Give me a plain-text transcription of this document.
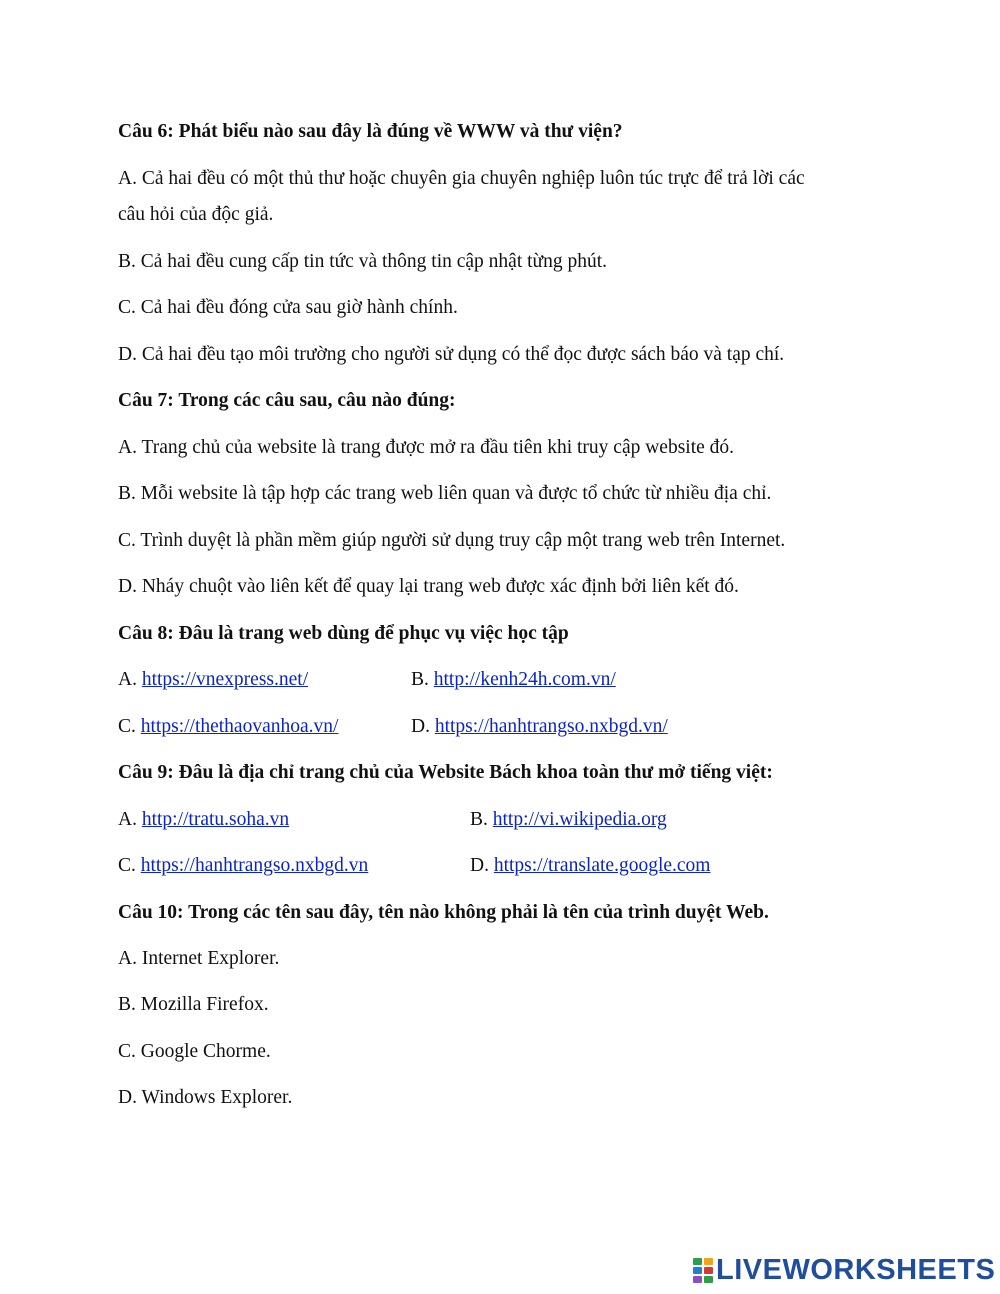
Câu 6: Phát biểu nào sau đây là đúng về WWW và thư viện?
A. Cả hai đều có một thủ thư hoặc chuyên gia chuyên nghiệp luôn túc trực để trả lời các
câu hỏi của độc giả.
B. Cả hai đều cung cấp tin tức và thông tin cập nhật từng phút.
C. Cả hai đều đóng cửa sau giờ hành chính.
D. Cả hai đều tạo môi trường cho người sử dụng có thể đọc được sách báo và tạp chí.
Câu 7: Trong các câu sau, câu nào đúng:
A. Trang chủ của website là trang được mở ra đầu tiên khi truy cập website đó.
B. Mỗi website là tập hợp các trang web liên quan và được tổ chức từ nhiều địa chỉ.
C. Trình duyệt là phần mềm giúp người sử dụng truy cập một trang web trên Internet.
D. Nháy chuột vào liên kết để quay lại trang web được xác định bởi liên kết đó.
Câu 8: Đâu là trang web dùng để phục vụ việc học tập
A. https://vnexpress.net/	B. http://kenh24h.com.vn/
C. https://thethaovanhoa.vn/	D. https://hanhtrangso.nxbgd.vn/
Câu 9: Đâu là địa chỉ trang chủ của Website Bách khoa toàn thư mở tiếng việt:
A. http://tratu.soha.vn	B. http://vi.wikipedia.org
C. https://hanhtrangso.nxbgd.vn	D. https://translate.google.com
Câu 10: Trong các tên sau đây, tên nào không phải là tên của trình duyệt Web.
A. Internet Explorer.
B. Mozilla Firefox.
C. Google Chorme.
D. Windows Explorer.
LIVEWORKSHEETS
